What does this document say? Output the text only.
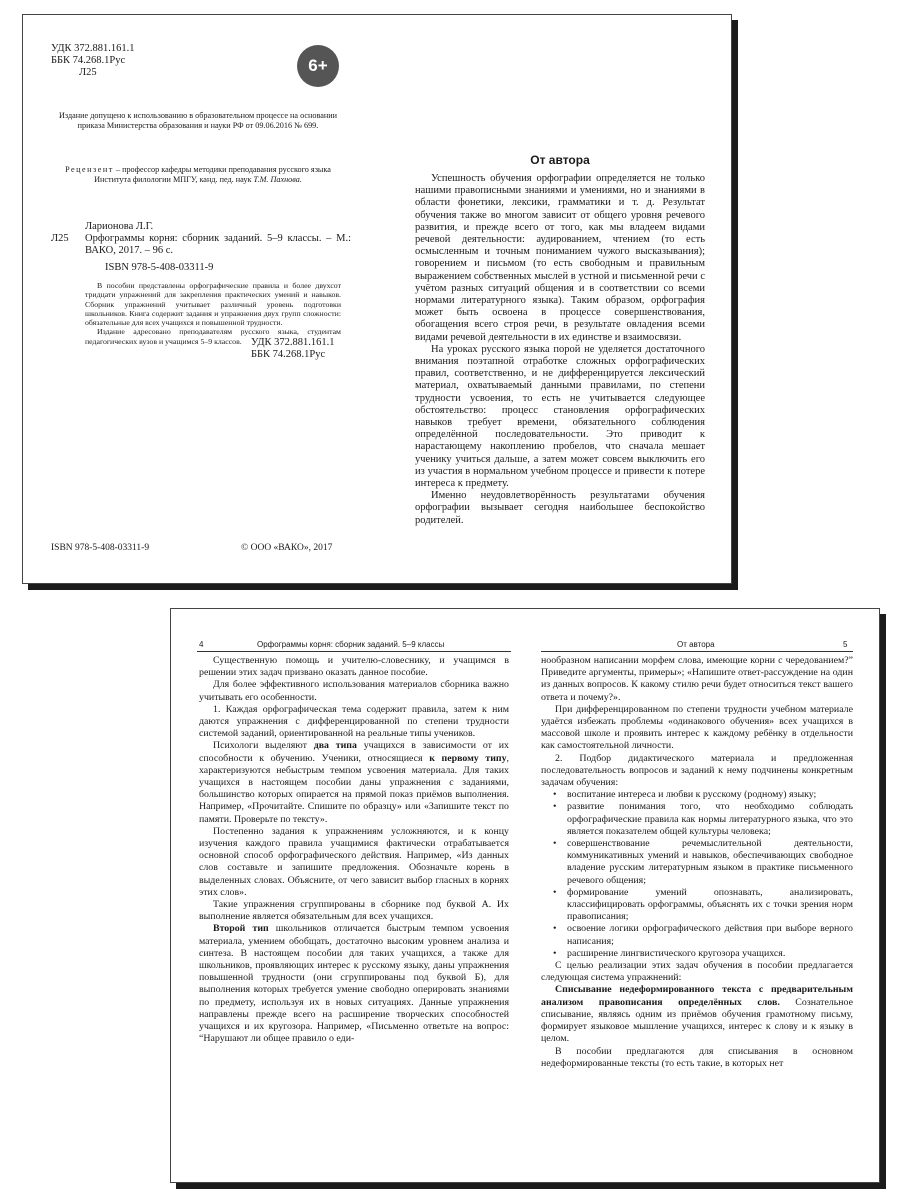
УДК 372.881.161.1
ББК 74.268.1Рус
Л25	6+
Издание допущено к использованию в образовательном процессе на основании приказа Министерства образования и науки РФ от 09.06.2016 № 699.
Рецензент – профессор кафедры методики преподавания русского языка Института филологии МПГУ, канд. пед. наук Т.М. Пахнова.
Ларионова Л.Г.
Л25	Орфограммы корня: сборник заданий. 5–9 классы. – М.: ВАКО, 2017. – 96 с.
ISBN 978-5-408-03311-9

В пособии представлены орфографические правила и более двухсот тридцати упражнений для закрепления практических умений и навыков. Сборник упражнений учитывает различный уровень подготовки школьников. Книга содержит задания и упражнения двух групп сложности: обязательные для всех учащихся и повышенной трудности.

Издание адресовано преподавателям русского языка, студентам педагогических вузов и учащимся 5–9 классов. УДК 372.881.161.1
ББК 74.268.1Рус
ISBN 978-5-408-03311-9	© ООО «ВАКО», 2017
От автора

Успешность обучения орфографии определяется не только нашими правописными знаниями и умениями, но и знаниями в области фонетики, лексики, грамматики и т. д. Результат обучения также во многом зависит от общего уровня речевого развития, и прежде всего от того, как мы владеем видами речевой деятельности: аудированием, чтением (то есть осмысленным и точным пониманием чужого высказывания); говорением и письмом (то есть свободным и правильным выражением собственных мыслей в устной и письменной речи с учётом разных ситуаций общения и в соответствии со всеми нормами литературного языка). Таким образом, орфография может быть освоена в процессе совершенствования, обогащения всего строя речи, в результате овладения всеми видами речевой деятельности в их единстве и взаимосвязи.

На уроках русского языка порой не уделяется достаточного внимания поэтапной отработке сложных орфографических правил, соответственно, и не дифференцируется лексический материал, охватываемый данными правилами, по степени трудности усвоения, то есть не учитывается следующее обстоятельство: процесс становления орфографических навыков требует времени, обязательного соблюдения определённой последовательности. Это приводит к нарастающему накоплению пробелов, что сначала мешает ученику учиться дальше, а затем может совсем выключить его из участия в нормальном учебном процессе и привести к потере интереса к предмету.

Именно неудовлетворённость результатами обучения орфографии вызывает сегодня наибольшее беспокойство родителей.

4	Орфограммы корня: сборник заданий. 5–9 классы	От автора	5

Существенную помощь и учителю-словеснику, и учащимся в решении этих задач призвано оказать данное пособие.

Для более эффективного использования материалов сборника важно учитывать его особенности.

1. Каждая орфографическая тема содержит правила, затем к ним даются упражнения с дифференцированной по степени трудности системой заданий, ориентированной на реальные типы учеников.

Психологи выделяют два типа учащихся в зависимости от их способности к обучению. Ученики, относящиеся к первому типу, характеризуются небыстрым темпом усвоения материала. Для таких учащихся в настоящем пособии даны упражнения с заданиями, большинство которых опирается на прямой показ приёмов выполнения. Например, «Прочитайте. Спишите по образцу» или «Запишите текст по памяти. Проверьте по тексту».

Постепенно задания к упражнениям усложняются, и к концу изучения каждого правила учащимися фактически отрабатывается основной способ орфографического действия. Например, «Из данных слов составьте и запишите предложения. Обозначьте корень в выделенных словах. Объясните, от чего зависит выбор гласных в корнях этих слов».

Такие упражнения сгруппированы в сборнике под буквой А. Их выполнение является обязательным для всех учащихся.

Второй тип школьников отличается быстрым темпом усвоения материала, умением обобщать, достаточно высоким уровнем анализа и синтеза. В настоящем пособии для таких учащихся, а также для школьников, проявляющих интерес к русскому языку, даны упражнения повышенной трудности (они сгруппированы под буквой Б), для выполнения которых требуется умение свободно оперировать знаниями по предмету, используя их в новых ситуациях. Данные упражнения направлены прежде всего на расширение творческих способностей учащихся и их кругозора. Например, «Письменно ответьте на вопрос: “Нарушают ли общее правило о еди-

нообразном написании морфем слова, имеющие корни с чередованием?” Приведите аргументы, примеры»; «Напишите ответ-рассуждение на один из данных вопросов. К какому стилю речи будет относиться текст вашего ответа и почему?».

При дифференцированном по степени трудности учебном материале удаётся избежать проблемы «одинакового обучения» всех учащихся в массовой школе и проявить интерес к каждому ребёнку в отдельности как самостоятельной личности.

2. Подбор дидактического материала и предложенная последовательность вопросов и заданий к нему подчинены конкретным задачам обучения:

• воспитание интереса и любви к русскому (родному) языку;
• развитие понимания того, что необходимо соблюдать орфографические правила как нормы литературного языка, что это является показателем общей культуры человека;
• совершенствование речемыслительной деятельности, коммуникативных умений и навыков, обеспечивающих свободное владение русским литературным языком в практике письменного речевого общения;
• формирование умений опознавать, анализировать, классифицировать орфограммы, объяснять их с точки зрения норм правописания;
• освоение логики орфографического действия при выборе верного написания;
• расширение лингвистического кругозора учащихся.

С целью реализации этих задач обучения в пособии предлагается следующая система упражнений:

Списывание недеформированного текста с предварительным анализом правописания определённых слов. Сознательное списывание, являясь одним из приёмов обучения грамотному письму, формирует языковое мышление учащихся, интерес к слову и к языку в целом.

В пособии предлагаются для списывания в основном недеформированные тексты (то есть такие, в которых нет
